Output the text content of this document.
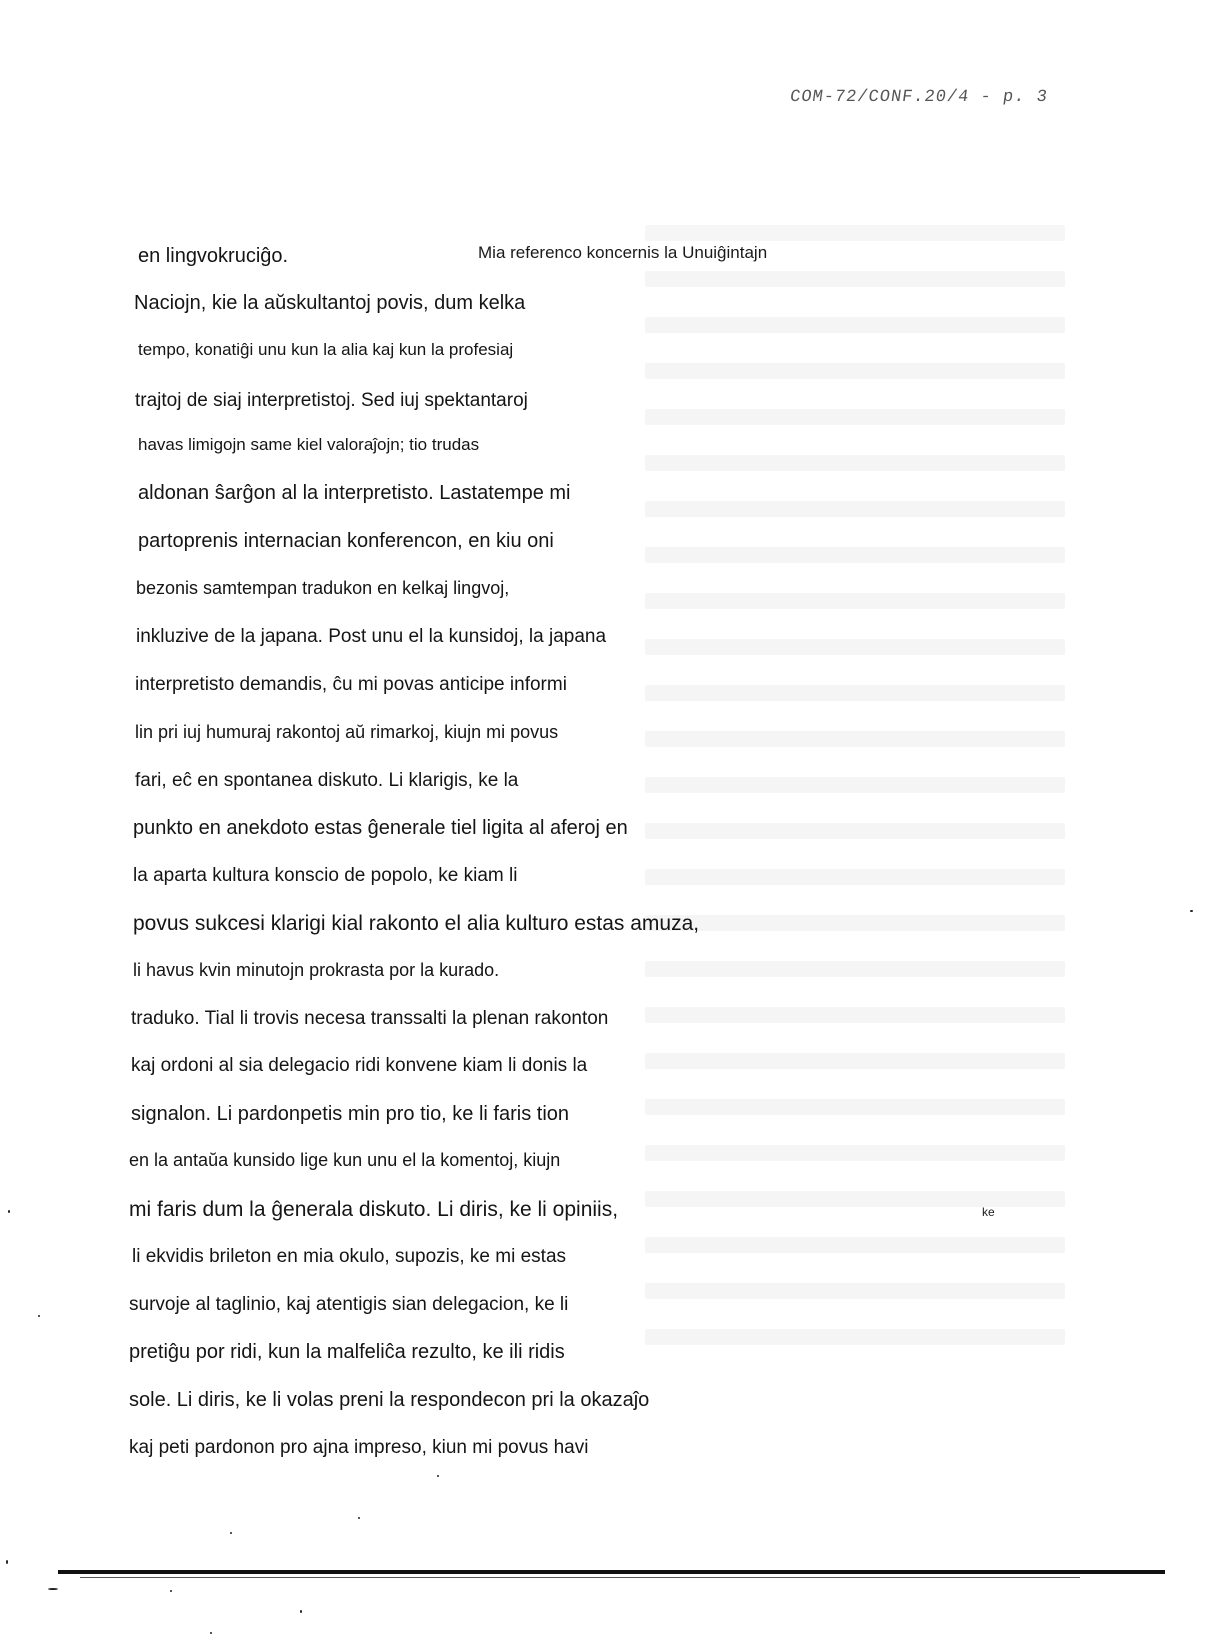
COM-72/CONF.20/4 - p. 3
Mia referenco koncernis la Unuiĝintajn
ke
en lingvokruciĝo.
Naciojn, kie la aŭskultantoj povis, dum kelka
tempo, konatiĝi unu kun la alia kaj kun la profesiaj
trajtoj de siaj interpretistoj. Sed iuj spektantaroj
havas limigojn same kiel valoraĵojn; tio trudas
aldonan ŝarĝon al la interpretisto. Lastatempe mi
partoprenis internacian konferencon, en kiu oni
bezonis samtempan tradukon en kelkaj lingvoj,
inkluzive de la japana. Post unu el la kunsidoj, la japana
interpretisto demandis, ĉu mi povas anticipe informi
lin pri iuj humuraj rakontoj aŭ rimarkoj, kiujn mi povus
fari, eĉ en spontanea diskuto. Li klarigis, ke la
punkto en anekdoto estas ĝenerale tiel ligita al aferoj en
la aparta kultura konscio de popolo, ke kiam li
povus sukcesi klarigi kial rakonto el alia kulturo estas amuza,
li havus kvin minutojn prokrasta por la kurado.
traduko. Tial li trovis necesa transsalti la plenan rakonton
kaj ordoni al sia delegacio ridi konvene kiam li donis la
signalon. Li pardonpetis min pro tio, ke li faris tion
en la antaŭa kunsido lige kun unu el la komentoj, kiujn
mi faris dum la ĝenerala diskuto. Li diris, ke li opiniis,
li ekvidis brileton en mia okulo, supozis, ke mi estas
survoje al taglinio, kaj atentigis sian delegacion, ke li
pretiĝu por ridi, kun la malfeliĉa rezulto, ke ili ridis
sole. Li diris, ke li volas preni la respondecon pri la okazaĵo
kaj peti pardonon pro ajna impreso, kiun mi povus havi
